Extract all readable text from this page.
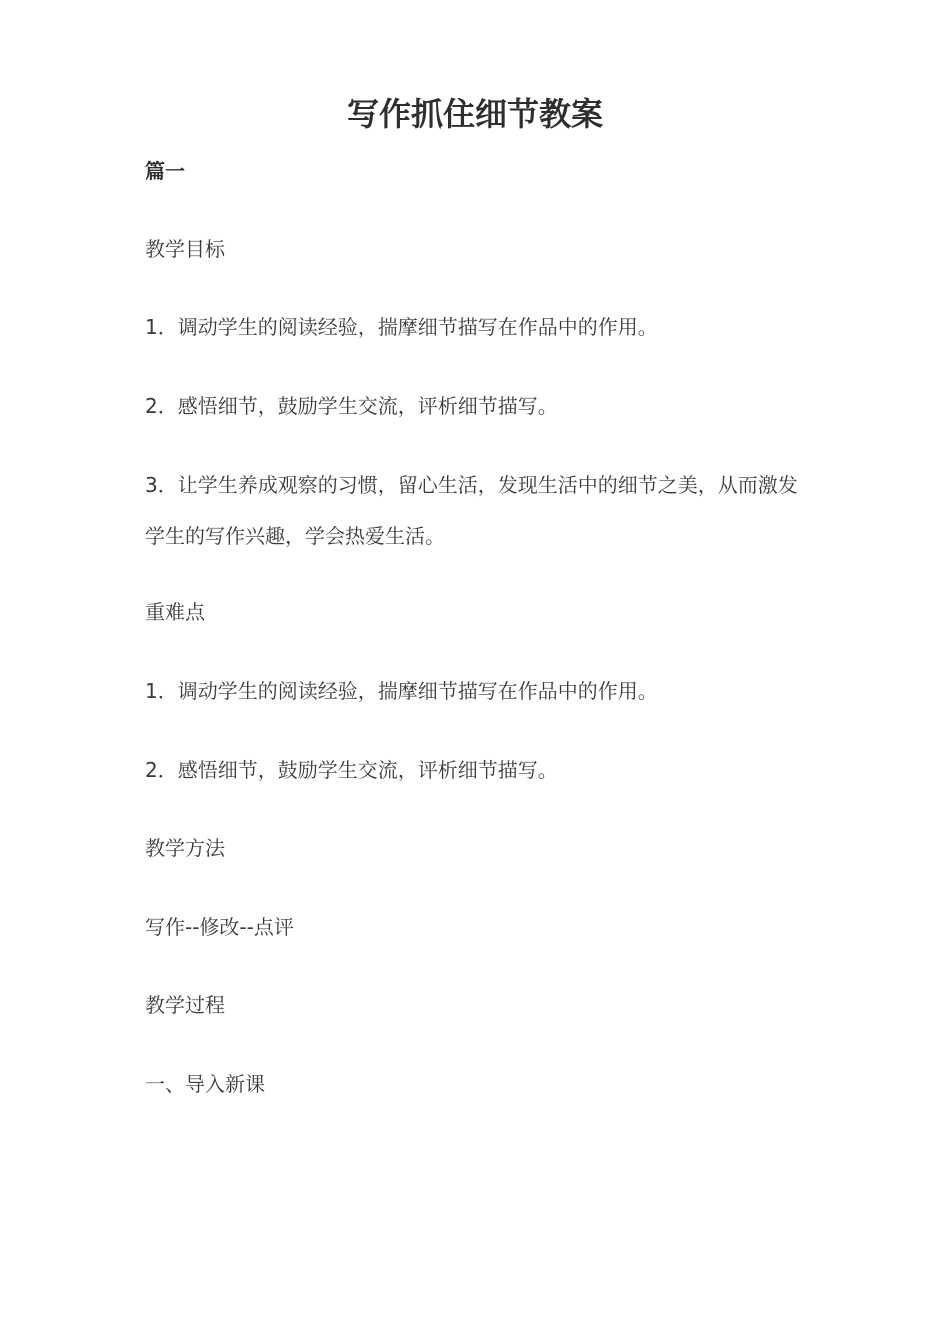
写作抓住细节教案
篇一
教学目标
1．调动学生的阅读经验，揣摩细节描写在作品中的作用。
2．感悟细节，鼓励学生交流，评析细节描写。
3．让学生养成观察的习惯，留心生活，发现生活中的细节之美，从而激发学生的写作兴趣，学会热爱生活。
重难点
1．调动学生的阅读经验，揣摩细节描写在作品中的作用。
2．感悟细节，鼓励学生交流，评析细节描写。
教学方法
写作--修改--点评
教学过程
一、导入新课
